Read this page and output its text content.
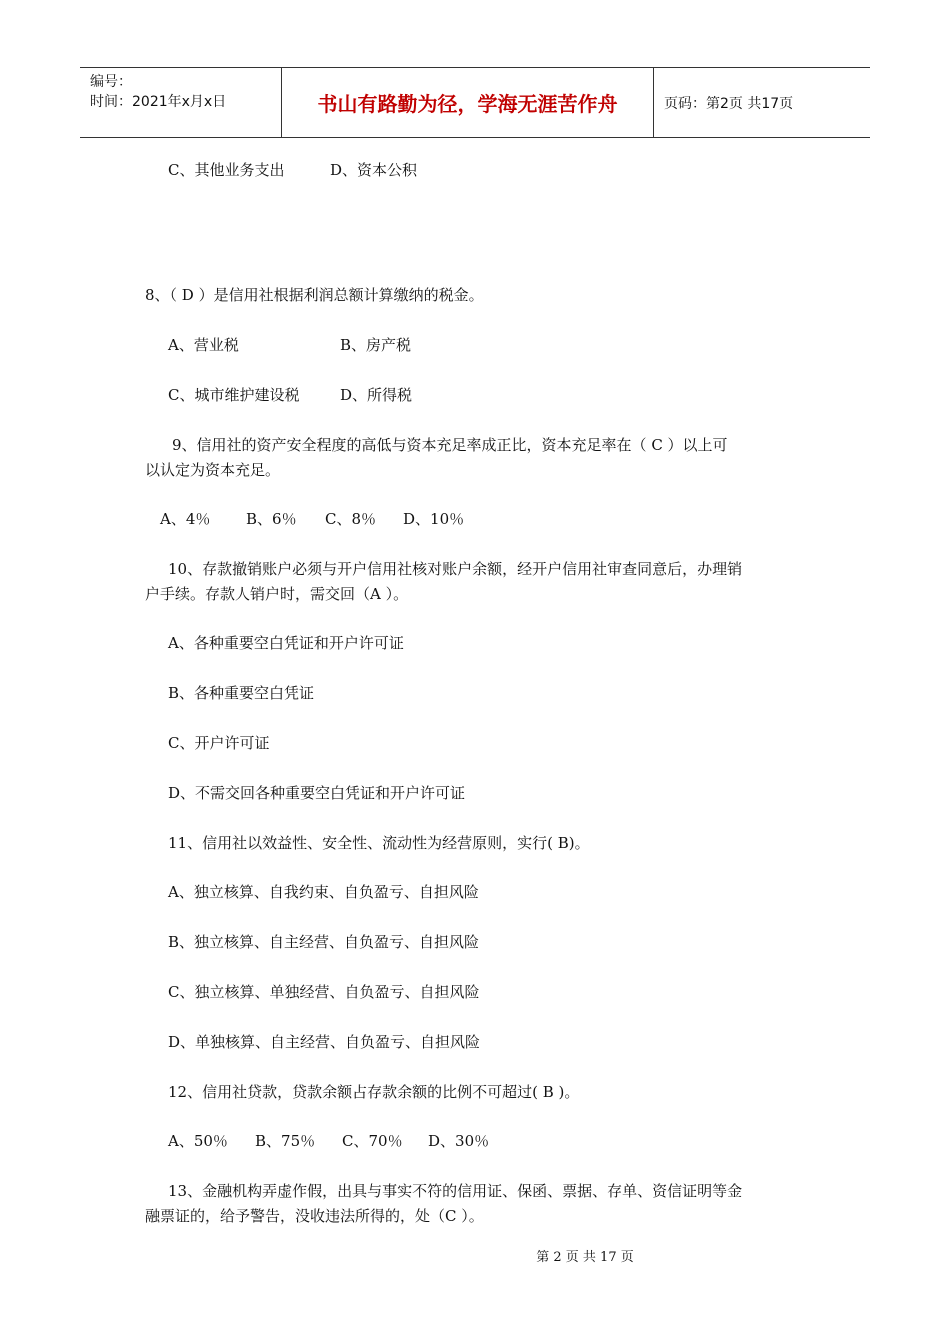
编号：
时间：2021年x月x日	书山有路勤为径，学海无涯苦作舟	页码：第2页 共17页
C、其他业务支出	D、资本公积
8、（ D ）是信用社根据利润总额计算缴纳的税金。
A、营业税	B、房产税
C、城市维护建设税	D、所得税
9、信用社的资产安全程度的高低与资本充足率成正比，资本充足率在（ C ）以上可
以认定为资本充足。
A、4％ B、6％ C、8％ D、10％
10、存款撤销账户必须与开户信用社核对账户余额，经开户信用社审查同意后，办理销
户手续。存款人销户时，需交回（A ）。
A、各种重要空白凭证和开户许可证
B、各种重要空白凭证
C、开户许可证
D、不需交回各种重要空白凭证和开户许可证
11、信用社以效益性、安全性、流动性为经营原则，实行( B)。
A、独立核算、自我约束、自负盈亏、自担风险
B、独立核算、自主经营、自负盈亏、自担风险
C、独立核算、单独经营、自负盈亏、自担风险
D、单独核算、自主经营、自负盈亏、自担风险
12、信用社贷款，贷款余额占存款余额的比例不可超过( B )。
A、50％ B、75％ C、70％ D、30％
13、金融机构弄虚作假，出具与事实不符的信用证、保函、票据、存单、资信证明等金
融票证的，给予警告，没收违法所得的，处（C ）。
第 2 页 共 17 页
